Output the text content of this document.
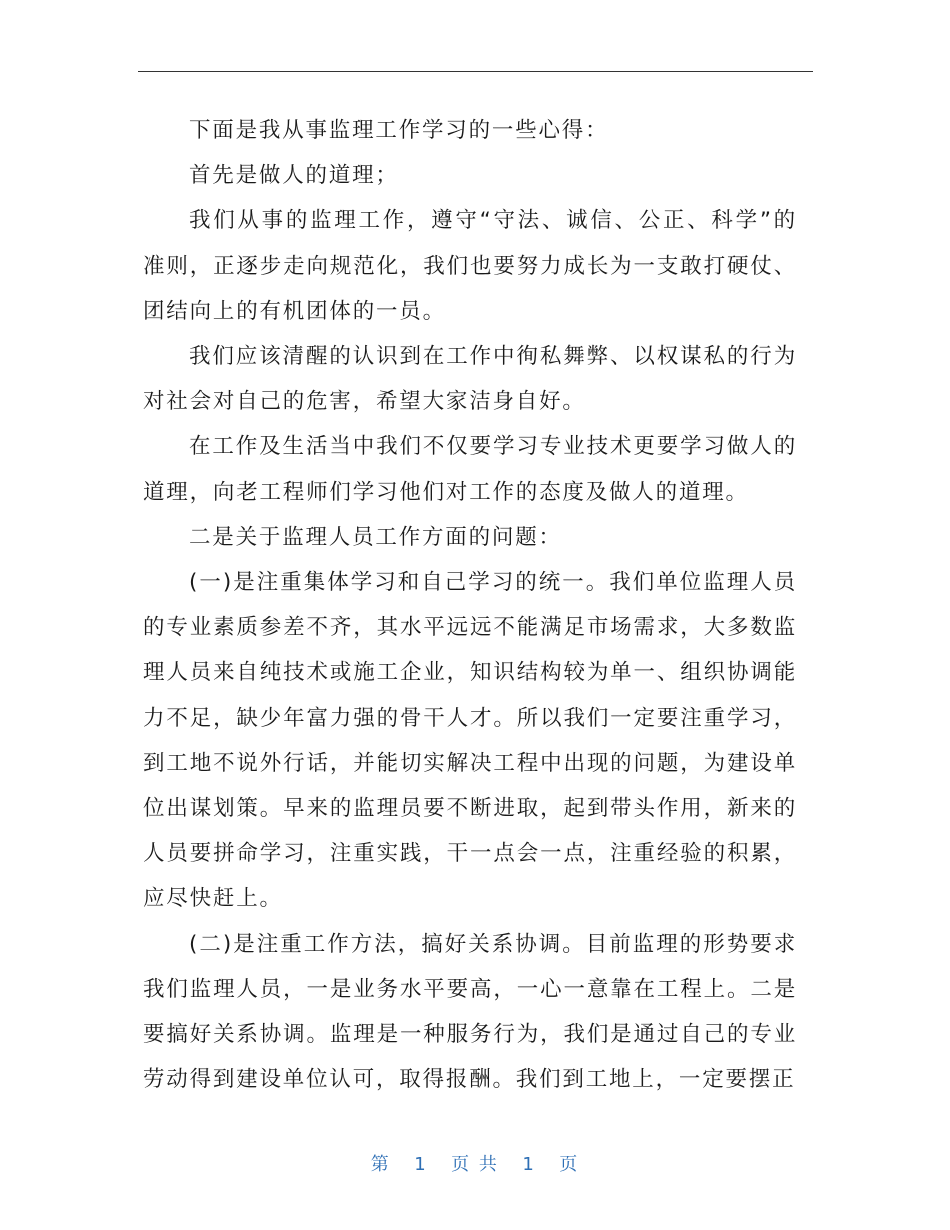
下面是我从事监理工作学习的一些心得：

首先是做人的道理；

我们从事的监理工作，遵守“守法、诚信、公正、科学”的准则，正逐步走向规范化，我们也要努力成长为一支敢打硬仗、团结向上的有机团体的一员。

我们应该清醒的认识到在工作中徇私舞弊、以权谋私的行为对社会对自己的危害，希望大家洁身自好。

在工作及生活当中我们不仅要学习专业技术更要学习做人的道理，向老工程师们学习他们对工作的态度及做人的道理。

二是关于监理人员工作方面的问题：

(一)是注重集体学习和自己学习的统一。我们单位监理人员的专业素质参差不齐，其水平远远不能满足市场需求，大多数监理人员来自纯技术或施工企业，知识结构较为单一、组织协调能力不足，缺少年富力强的骨干人才。所以我们一定要注重学习，到工地不说外行话，并能切实解决工程中出现的问题，为建设单位出谋划策。早来的监理员要不断进取，起到带头作用，新来的人员要拼命学习，注重实践，干一点会一点，注重经验的积累，应尽快赶上。

(二)是注重工作方法，搞好关系协调。目前监理的形势要求我们监理人员，一是业务水平要高，一心一意靠在工程上。二是要搞好关系协调。监理是一种服务行为，我们是通过自己的专业劳动得到建设单位认可，取得报酬。我们到工地上，一定要摆正

第 1 页 共 1 页
